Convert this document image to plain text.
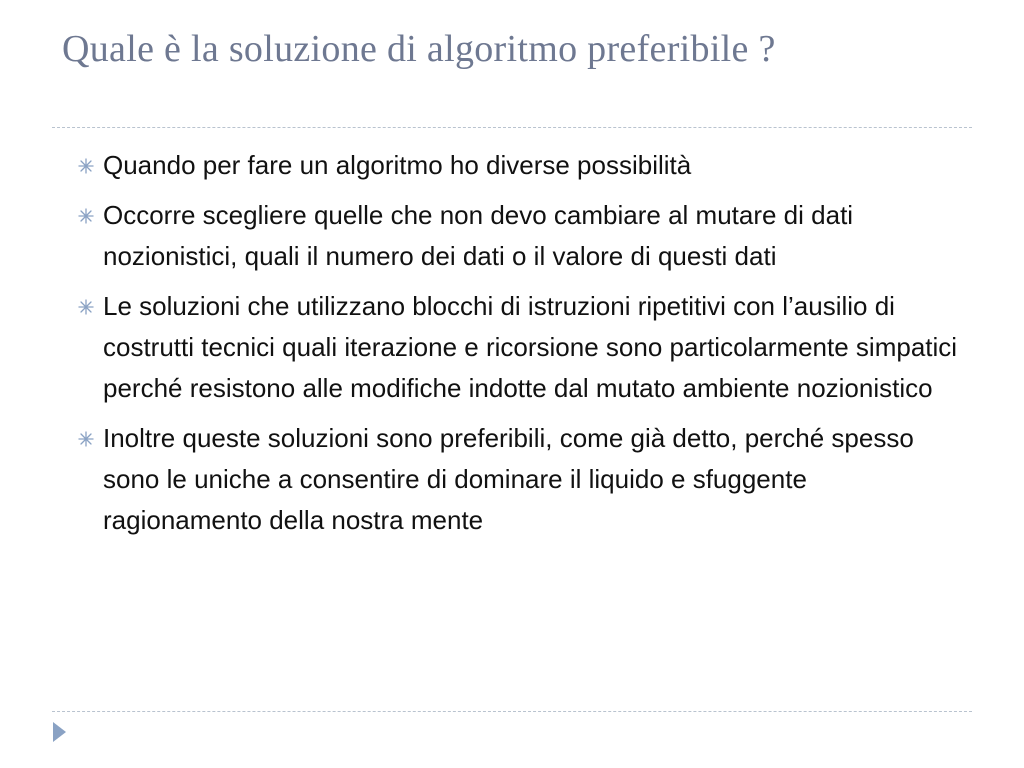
Quale è la soluzione di algoritmo preferibile ?
Quando per fare un algoritmo ho diverse possibilità
Occorre scegliere quelle che non devo cambiare al mutare di dati nozionistici, quali il numero dei dati o il valore di questi dati
Le soluzioni che utilizzano blocchi di istruzioni ripetitivi con l’ausilio di costrutti tecnici quali iterazione e ricorsione sono particolarmente simpatici perché resistono alle modifiche indotte dal mutato ambiente nozionistico
Inoltre queste soluzioni sono preferibili, come già detto, perché spesso sono le uniche a consentire di dominare il liquido e sfuggente ragionamento della nostra mente
